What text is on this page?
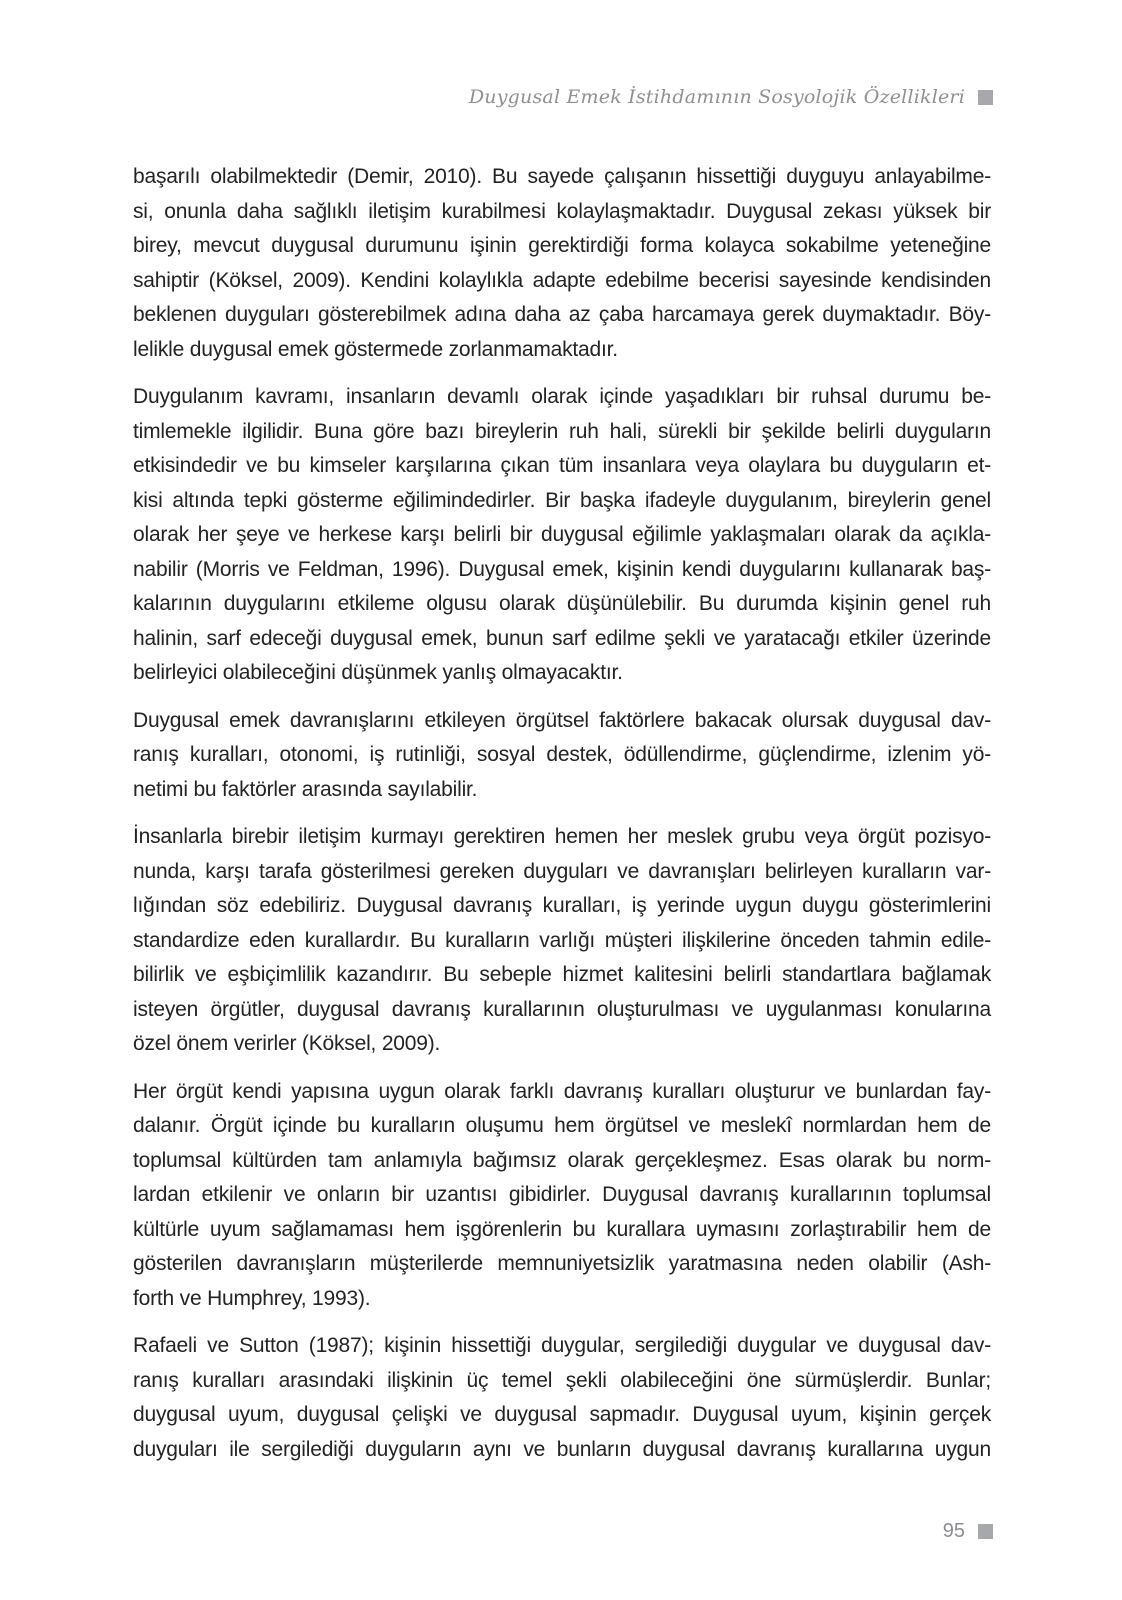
Duygusal Emek İstihdamının Sosyolojik Özellikleri
başarılı olabilmektedir (Demir, 2010). Bu sayede çalışanın hissettiği duyguyu anlayabilme-
si, onunla daha sağlıklı iletişim kurabilmesi kolaylaşmaktadır. Duygusal zekası yüksek bir
birey, mevcut duygusal durumunu işinin gerektirdiği forma kolayca sokabilme yeteneğine
sahiptir (Köksel, 2009). Kendini kolaylıkla adapte edebilme becerisi sayesinde kendisinden
beklenen duyguları gösterebilmek adına daha az çaba harcamaya gerek duymaktadır. Böy-
lelikle duygusal emek göstermede zorlanmamaktadır.
Duygulanım kavramı, insanların devamlı olarak içinde yaşadıkları bir ruhsal durumu be-
timlemekle ilgilidir. Buna göre bazı bireylerin ruh hali, sürekli bir şekilde belirli duyguların
etkisindedir ve bu kimseler karşılarına çıkan tüm insanlara veya olaylara bu duyguların et-
kisi altında tepki gösterme eğilimindedirler. Bir başka ifadeyle duygulanım, bireylerin genel
olarak her şeye ve herkese karşı belirli bir duygusal eğilimle yaklaşmaları olarak da açıkla-
nabilir (Morris ve Feldman, 1996). Duygusal emek, kişinin kendi duygularını kullanarak baş-
kalarının duygularını etkileme olgusu olarak düşünülebilir. Bu durumda kişinin genel ruh
halinin, sarf edeceği duygusal emek, bunun sarf edilme şekli ve yaratacağı etkiler üzerinde
belirleyici olabileceğini düşünmek yanlış olmayacaktır.
Duygusal emek davranışlarını etkileyen örgütsel faktörlere bakacak olursak duygusal dav-
ranış kuralları, otonomi, iş rutinliği, sosyal destek, ödüllendirme, güçlendirme, izlenim yö-
netimi bu faktörler arasında sayılabilir.
İnsanlarla birebir iletişim kurmayı gerektiren hemen her meslek grubu veya örgüt pozisyo-
nunda, karşı tarafa gösterilmesi gereken duyguları ve davranışları belirleyen kuralların var-
lığından söz edebiliriz. Duygusal davranış kuralları, iş yerinde uygun duygu gösterimlerini
standardize eden kurallardır. Bu kuralların varlığı müşteri ilişkilerine önceden tahmin edile-
bilirlik ve eşbiçimlilik kazandırır. Bu sebeple hizmet kalitesini belirli standartlara bağlamak
isteyen örgütler, duygusal davranış kurallarının oluşturulması ve uygulanması konularına
özel önem verirler (Köksel, 2009).
Her örgüt kendi yapısına uygun olarak farklı davranış kuralları oluşturur ve bunlardan fay-
dalanır. Örgüt içinde bu kuralların oluşumu hem örgütsel ve meslekî normlardan hem de
toplumsal kültürden tam anlamıyla bağımsız olarak gerçekleşmez. Esas olarak bu norm-
lardan etkilenir ve onların bir uzantısı gibidirler. Duygusal davranış kurallarının toplumsal
kültürle uyum sağlamaması hem işgörenlerin bu kurallara uymasını zorlaştırabilir hem de
gösterilen davranışların müşterilerde memnuniyetsizlik yaratmasına neden olabilir (Ash-
forth ve Humphrey, 1993).
Rafaeli ve Sutton (1987); kişinin hissettiği duygular, sergilediği duygular ve duygusal dav-
ranış kuralları arasındaki ilişkinin üç temel şekli olabileceğini öne sürmüşlerdir. Bunlar;
duygusal uyum, duygusal çelişki ve duygusal sapmadır. Duygusal uyum, kişinin gerçek
duyguları ile sergilediği duyguların aynı ve bunların duygusal davranış kurallarına uygun
95
